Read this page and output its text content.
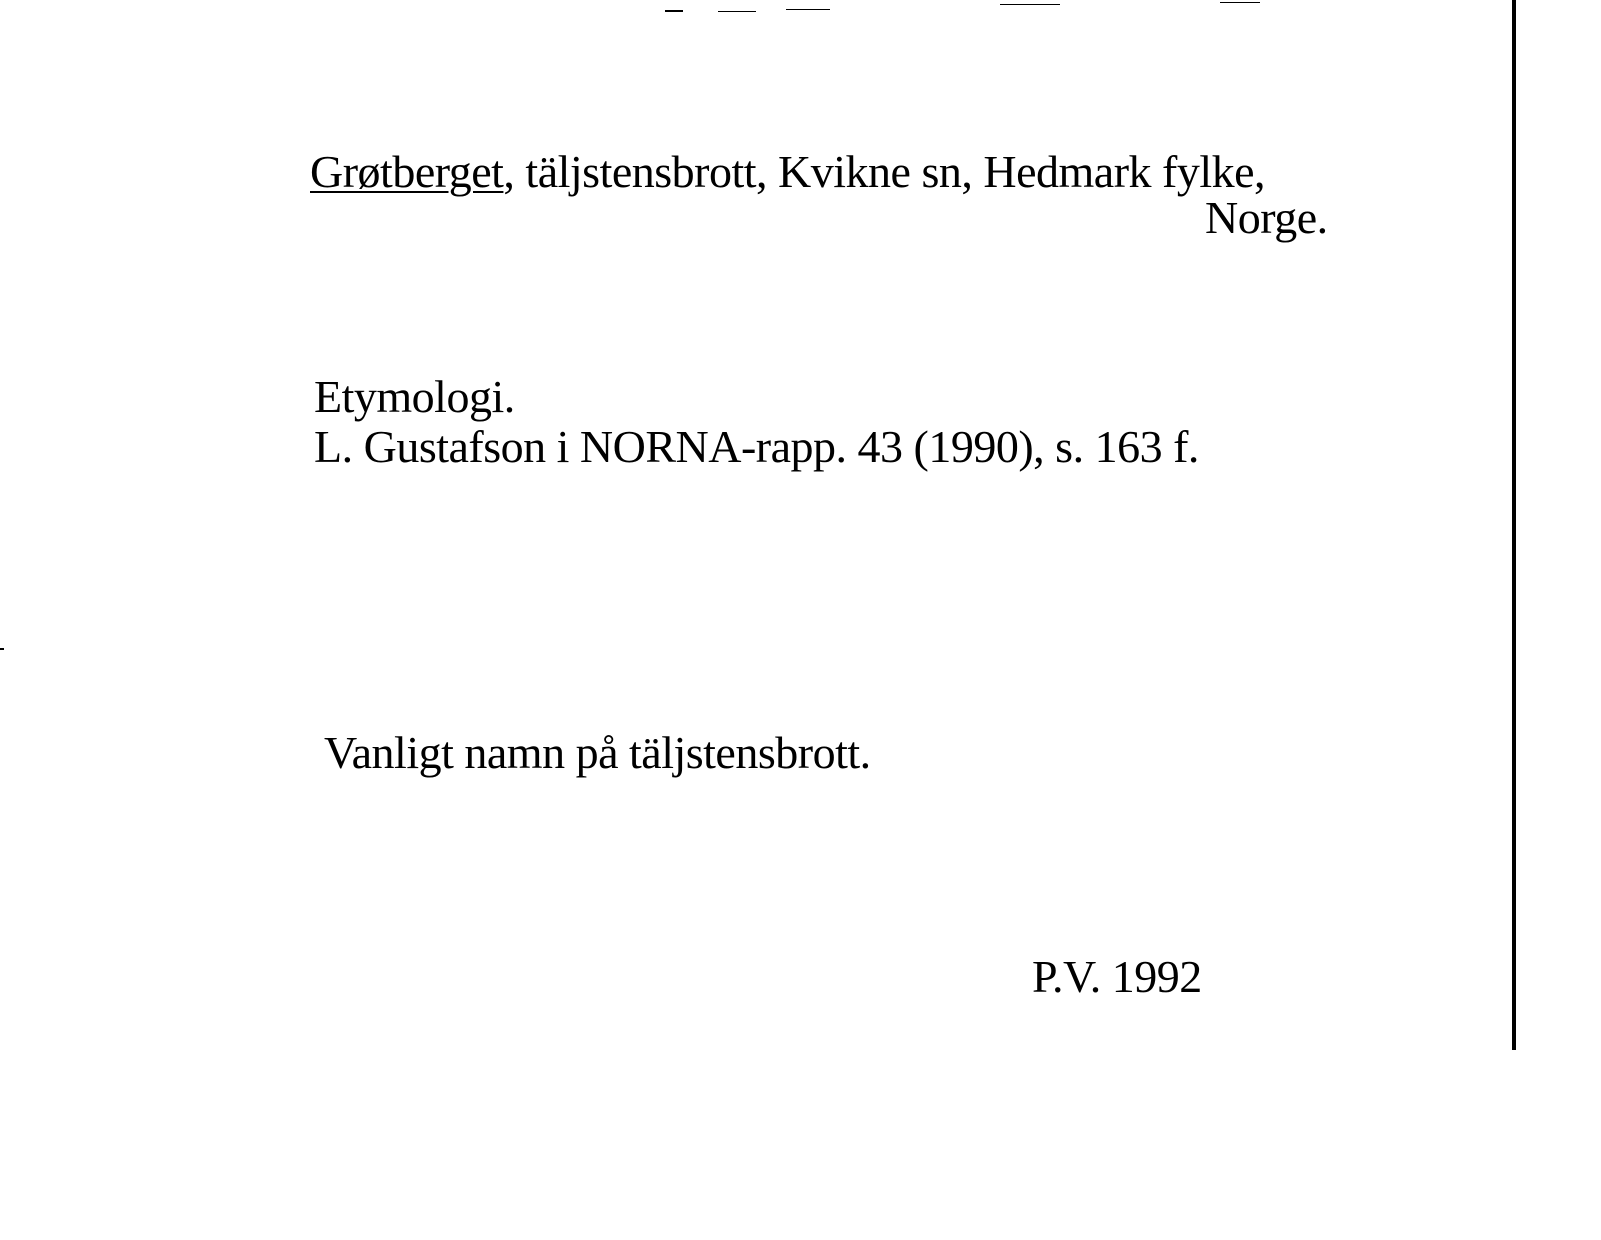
Grøtberget, täljstensbrott, Kvikne sn, Hedmark fylke,
Norge.
Etymologi.
L. Gustafson i NORNA-rapp. 43 (1990), s. 163 f.
Vanligt namn på täljstensbrott.
P.V. 1992
